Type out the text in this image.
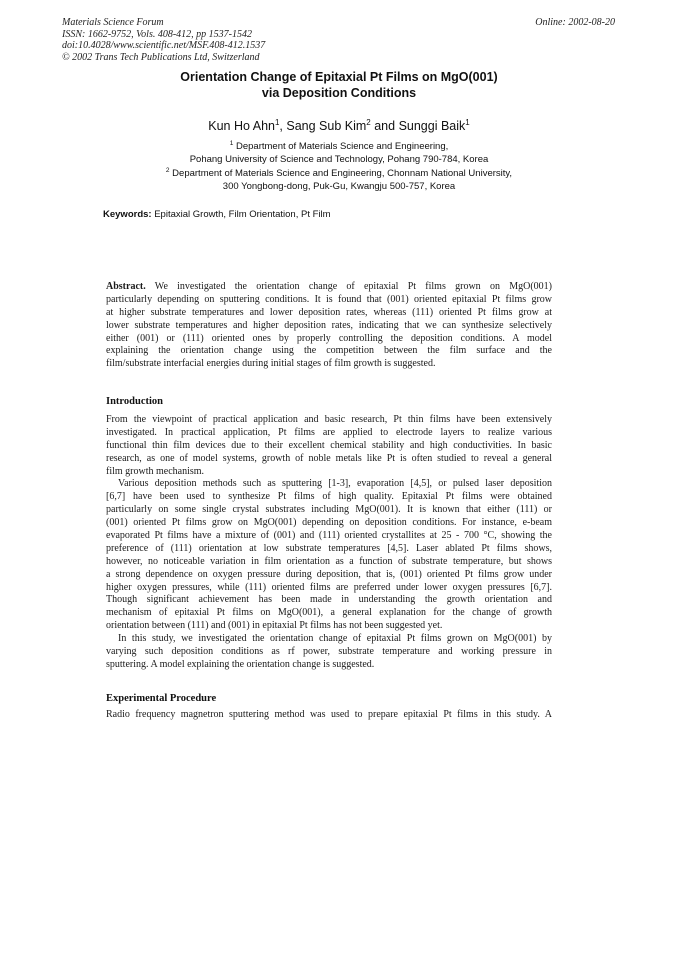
Materials Science Forum
ISSN: 1662-9752, Vols. 408-412, pp 1537-1542
doi:10.4028/www.scientific.net/MSF.408-412.1537
© 2002 Trans Tech Publications Ltd, Switzerland
Online: 2002-08-20
Orientation Change of Epitaxial Pt Films on MgO(001)
via Deposition Conditions
Kun Ho Ahn$^1$, Sang Sub Kim$^2$ and Sunggi Baik$^1$
$^1$ Department of Materials Science and Engineering,
Pohang University of Science and Technology, Pohang 790-784, Korea
$^2$ Department of Materials Science and Engineering, Chonnam National University,
300 Yongbong-dong, Puk-Gu, Kwangju 500-757, Korea
Keywords: Epitaxial Growth, Film Orientation, Pt Film
Abstract. We investigated the orientation change of epitaxial Pt films grown on MgO(001)
particularly depending on sputtering conditions. It is found that (001) oriented epitaxial Pt films grow
at higher substrate temperatures and lower deposition rates, whereas (111) oriented Pt films grow at
lower substrate temperatures and higher deposition rates, indicating that we can synthesize selectively
either (001) or (111) oriented ones by properly controlling the deposition conditions. A model
explaining the orientation change using the competition between the film surface and the
film/substrate interfacial energies during initial stages of film growth is suggested.
Introduction
From the viewpoint of practical application and basic research, Pt thin films have been extensively
investigated. In practical application, Pt films are applied to electrode layers to realize various
functional thin film devices due to their excellent chemical stability and high conductivities. In basic
research, as one of model systems, growth of noble metals like Pt is often studied to reveal a general
film growth mechanism.
Various deposition methods such as sputtering [1-3], evaporation [4,5], or pulsed laser deposition
[6,7] have been used to synthesize Pt films of high quality. Epitaxial Pt films were obtained
particularly on some single crystal substrates including MgO(001). It is known that either (111) or
(001) oriented Pt films grow on MgO(001) depending on deposition conditions. For instance, e-beam
evaporated Pt films have a mixture of (001) and (111) oriented crystallites at 25 - 700 °C, showing the
preference of (111) orientation at low substrate temperatures [4,5]. Laser ablated Pt films shows,
however, no noticeable variation in film orientation as a function of substrate temperature, but shows
a strong dependence on oxygen pressure during deposition, that is, (001) oriented Pt films grow under
higher oxygen pressures, while (111) oriented films are preferred under lower oxygen pressures [6,7].
Though significant achievement has been made in understanding the growth orientation and
mechanism of epitaxial Pt films on MgO(001), a general explanation for the change of growth
orientation between (111) and (001) in epitaxial Pt films has not been suggested yet.
In this study, we investigated the orientation change of epitaxial Pt films grown on MgO(001) by
varying such deposition conditions as rf power, substrate temperature and working pressure in
sputtering. A model explaining the orientation change is suggested.
Experimental Procedure
Radio frequency magnetron sputtering method was used to prepare epitaxial Pt films in this study. A
